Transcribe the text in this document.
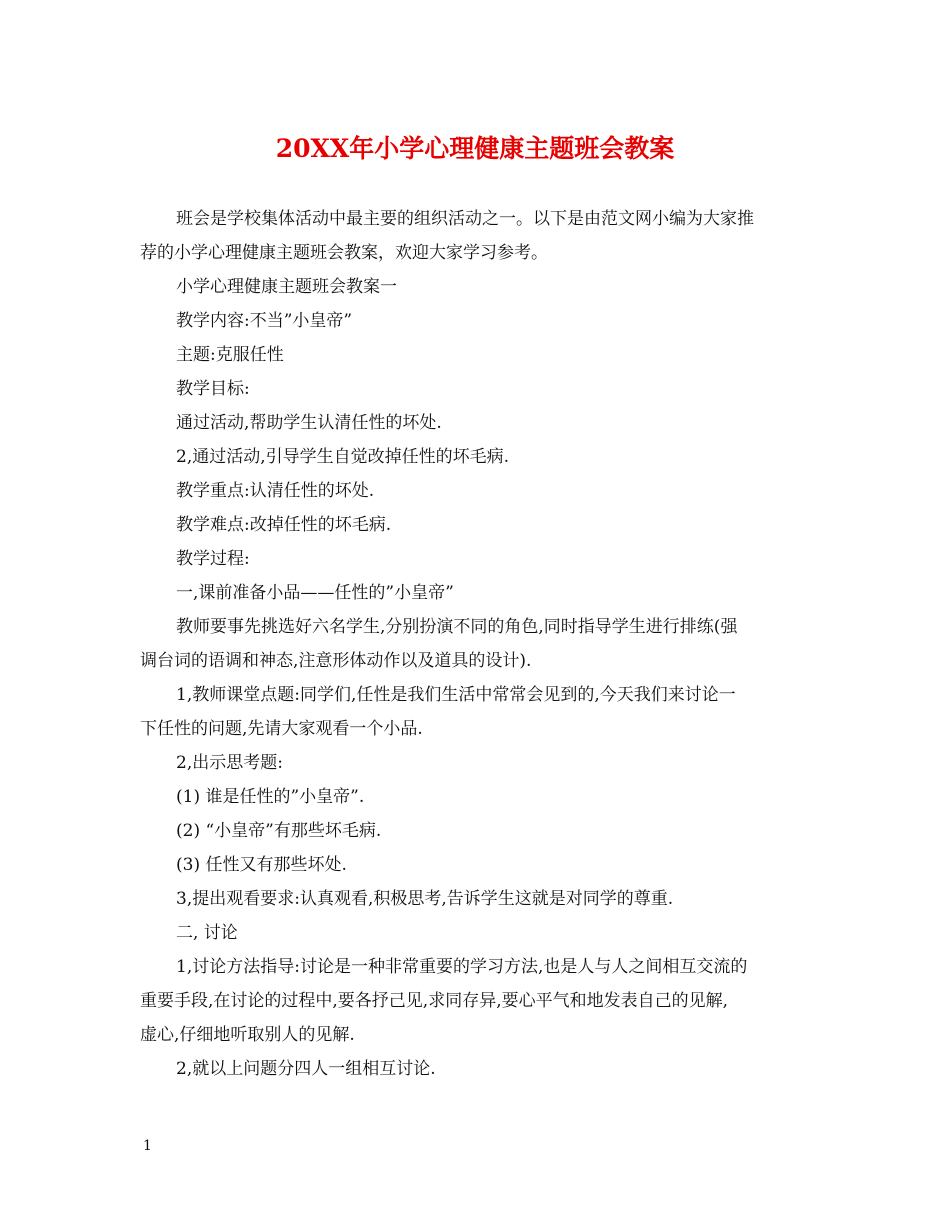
20XX年小学心理健康主题班会教案

班会是学校集体活动中最主要的组织活动之一。以下是由范文网小编为大家推

荐的小学心理健康主题班会教案，欢迎大家学习参考。

小学心理健康主题班会教案一

教学内容:不当”小皇帝”

主题:克服任性

教学目标:

通过活动,帮助学生认清任性的坏处.

2,通过活动,引导学生自觉改掉任性的坏毛病.

教学重点:认清任性的坏处.

教学难点:改掉任性的坏毛病.

教学过程:

一,课前准备小品——任性的”小皇帝”

教师要事先挑选好六名学生,分别扮演不同的角色,同时指导学生进行排练(强

调台词的语调和神态,注意形体动作以及道具的设计).

1,教师课堂点题:同学们,任性是我们生活中常常会见到的,今天我们来讨论一

下任性的问题,先请大家观看一个小品.

2,出示思考题:

(1) 谁是任性的”小皇帝”.

(2) “小皇帝”有那些坏毛病.

(3) 任性又有那些坏处.

3,提出观看要求:认真观看,积极思考,告诉学生这就是对同学的尊重.

二, 讨论

1,讨论方法指导:讨论是一种非常重要的学习方法,也是人与人之间相互交流的

重要手段,在讨论的过程中,要各抒己见,求同存异,要心平气和地发表自己的见解,

虚心,仔细地听取别人的见解.

2,就以上问题分四人一组相互讨论.

1
